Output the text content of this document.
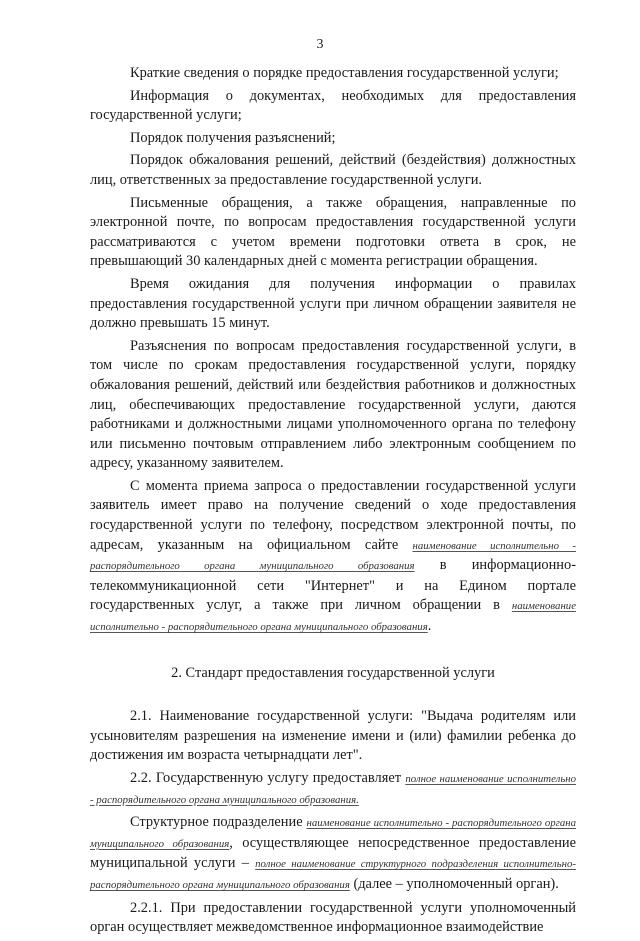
3

Краткие сведения о порядке предоставления государственной услуги;

Информация о документах, необходимых для предоставления государственной услуги;

Порядок получения разъяснений;

Порядок обжалования решений, действий (бездействия) должностных лиц, ответственных за предоставление государственной услуги.

Письменные обращения, а также обращения, направленные по электронной почте, по вопросам предоставления государственной услуги рассматриваются с учетом времени подготовки ответа в срок, не превышающий 30 календарных дней с момента регистрации обращения.

Время ожидания для получения информации о правилах предоставления государственной услуги при личном обращении заявителя не должно превышать 15 минут.

Разъяснения по вопросам предоставления государственной услуги, в том числе по срокам предоставления государственной услуги, порядку обжалования решений, действий или бездействия работников и должностных лиц, обеспечивающих предоставление государственной услуги, даются работниками и должностными лицами уполномоченного органа по телефону или письменно почтовым отправлением либо электронным сообщением по адресу, указанному заявителем.

С момента приема запроса о предоставлении государственной услуги заявитель имеет право на получение сведений о ходе предоставления государственной услуги по телефону, посредством электронной почты, по адресам, указанным на официальном сайте наименование исполнительно - распорядительного органа муниципального образования в информационно-телекоммуникационной сети "Интернет" и на Едином портале государственных услуг, а также при личном обращении в наименование исполнительно - распорядительного органа муниципального образования.

2. Стандарт предоставления государственной услуги

2.1. Наименование государственной услуги: "Выдача родителям или усыновителям разрешения на изменение имени и (или) фамилии ребенка до достижения им возраста четырнадцати лет".

2.2. Государственную услугу предоставляет полное наименование исполнительно - распорядительного органа муниципального образования.

Структурное подразделение наименование исполнительно - распорядительного органа муниципального образования, осуществляющее непосредственное предоставление муниципальной услуги – полное наименование структурного подразделения исполнительно-распорядительного органа муниципального образования (далее – уполномоченный орган).

2.2.1. При предоставлении государственной услуги уполномоченный орган осуществляет межведомственное информационное взаимодействие
